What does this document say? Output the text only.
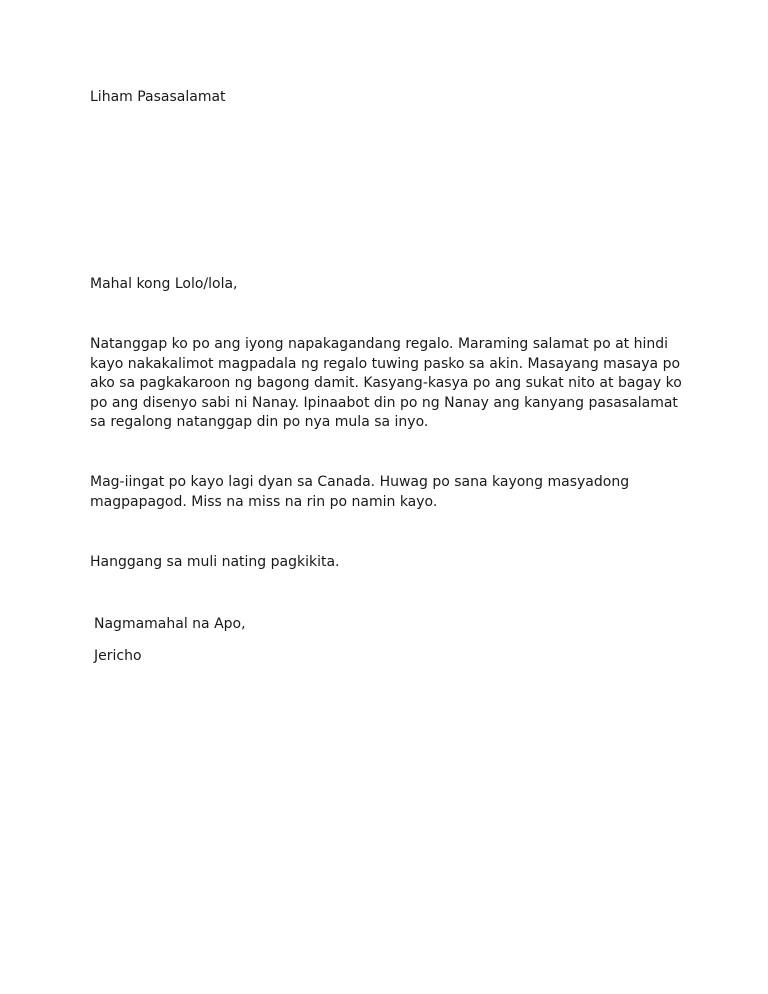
Liham Pasasalamat
Mahal kong Lolo/lola,
Natanggap ko po ang iyong napakagandang regalo. Maraming salamat po at hindi
kayo nakakalimot magpadala ng regalo tuwing pasko sa akin. Masayang masaya po
ako sa pagkakaroon ng bagong damit. Kasyang-kasya po ang sukat nito at bagay ko
po ang disenyo sabi ni Nanay. Ipinaabot din po ng Nanay ang kanyang pasasalamat
sa regalong natanggap din po nya mula sa inyo.
Mag-iingat po kayo lagi dyan sa Canada. Huwag po sana kayong masyadong
magpapagod. Miss na miss na rin po namin kayo.
Hanggang sa muli nating pagkikita.
Nagmamahal na Apo,
Jericho
